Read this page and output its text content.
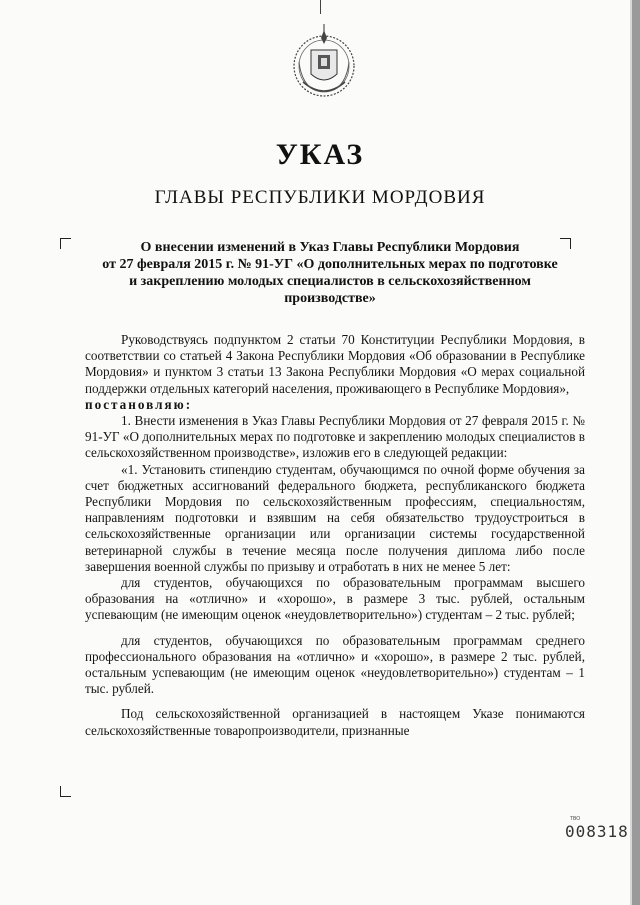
УКАЗ
ГЛАВЫ РЕСПУБЛИКИ МОРДОВИЯ
О внесении изменений в Указ Главы Республики Мордовия
от 27 февраля 2015 г. № 91-УГ «О дополнительных мерах по подготовке
и закреплению молодых специалистов в сельскохозяйственном
производстве»

Руководствуясь подпунктом 2 статьи 70 Конституции Республики Мордовия, в соответствии со статьей 4 Закона Республики Мордовия «Об образовании в Республике Мордовия» и пунктом 3 статьи 13 Закона Республики Мордовия «О мерах социальной поддержки отдельных категорий населения, проживающего в Республике Мордовия»,

постановляю:

1. Внести изменения в Указ Главы Республики Мордовия от 27 февраля 2015 г. № 91-УГ «О дополнительных мерах по подготовке и закреплению молодых специалистов в сельскохозяйственном производстве», изложив его в следующей редакции:

«1. Установить стипендию студентам, обучающимся по очной форме обучения за счет бюджетных ассигнований федерального бюджета, республиканского бюджета Республики Мордовия по сельскохозяйственным профессиям, специальностям, направлениям подготовки и взявшим на себя обязательство трудоустроиться в сельскохозяйственные организации или организации системы государственной ветеринарной службы в течение месяца после получения диплома либо после завершения военной службы по призыву и отработать в них не менее 5 лет:

для студентов, обучающихся по образовательным программам высшего образования на «отлично» и «хорошо», в размере 3 тыс. рублей, остальным успевающим (не имеющим оценок «неудовлетворительно») студентам – 2 тыс. рублей;

для студентов, обучающихся по образовательным программам среднего профессионального образования на «отлично» и «хорошо», в размере 2 тыс. рублей, остальным успевающим (не имеющим оценок «неудовлетворительно») студентам – 1 тыс. рублей.

Под сельскохозяйственной организацией в настоящем Указе понимаются сельскохозяйственные товаропроизводители, признанные

ТВО
008318
